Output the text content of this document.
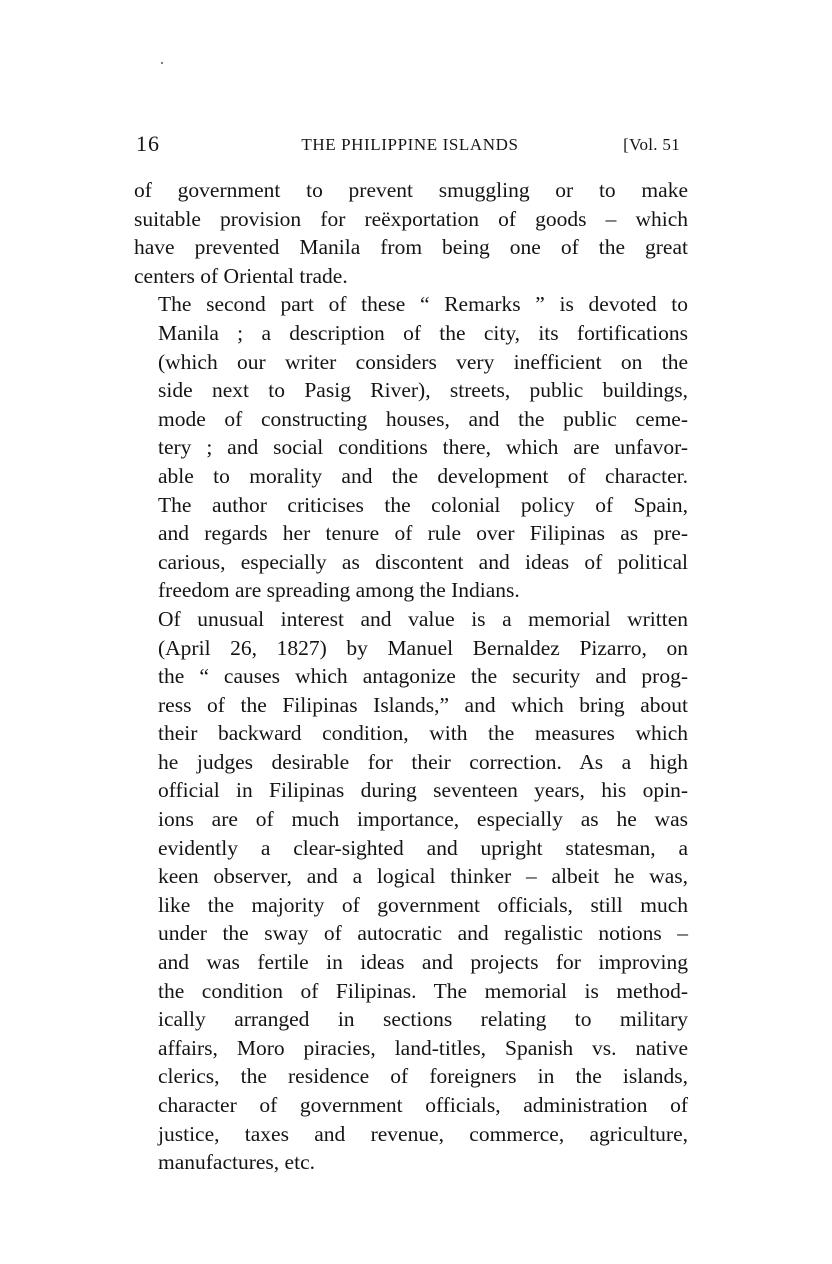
16	THE PHILIPPINE ISLANDS	[Vol. 51

of government to prevent smuggling or to make
suitable provision for reëxportation of goods – which
have prevented Manila from being one of the great
centers of Oriental trade.

The second part of these “ Remarks ” is devoted to
Manila ; a description of the city, its fortifications
(which our writer considers very inefficient on the
side next to Pasig River), streets, public buildings,
mode of constructing houses, and the public ceme-
tery ; and social conditions there, which are unfavor-
able to morality and the development of character.
The author criticises the colonial policy of Spain,
and regards her tenure of rule over Filipinas as pre-
carious, especially as discontent and ideas of political
freedom are spreading among the Indians.

Of unusual interest and value is a memorial written
(April 26, 1827) by Manuel Bernaldez Pizarro, on
the “ causes which antagonize the security and prog-
ress of the Filipinas Islands,” and which bring about
their backward condition, with the measures which
he judges desirable for their correction. As a high
official in Filipinas during seventeen years, his opin-
ions are of much importance, especially as he was
evidently a clear-sighted and upright statesman, a
keen observer, and a logical thinker – albeit he was,
like the majority of government officials, still much
under the sway of autocratic and regalistic notions –
and was fertile in ideas and projects for improving
the condition of Filipinas. The memorial is method-
ically arranged in sections relating to military
affairs, Moro piracies, land-titles, Spanish vs. native
clerics, the residence of foreigners in the islands,
character of government officials, administration of
justice, taxes and revenue, commerce, agriculture,
manufactures, etc.
